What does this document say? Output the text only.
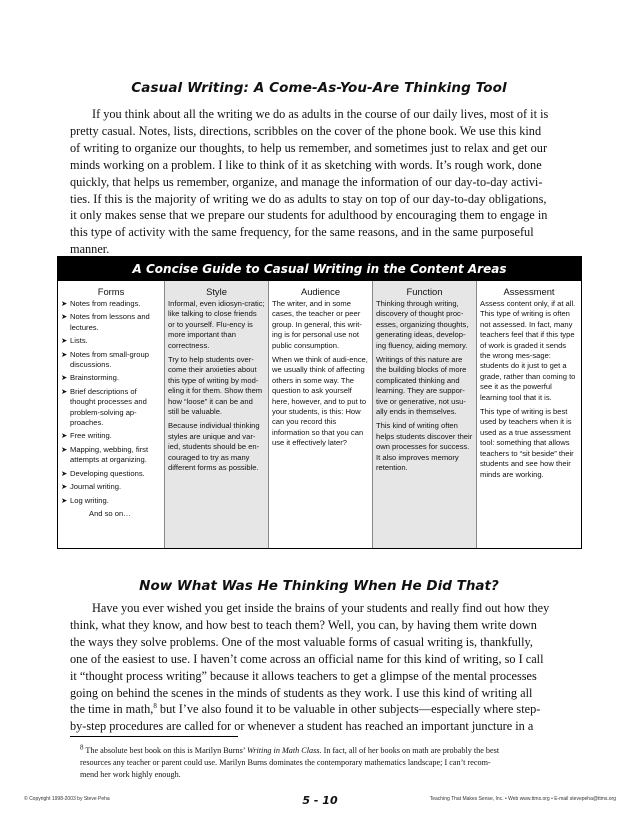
Casual Writing: A Come-As-You-Are Thinking Tool
If you think about all the writing we do as adults in the course of our daily lives, most of it is
pretty casual. Notes, lists, directions, scribbles on the cover of the phone book. We use this kind
of writing to organize our thoughts, to help us remember, and sometimes just to relax and get our
minds working on a problem. I like to think of it as sketching with words. It’s rough work, done
quickly, that helps us remember, organize, and manage the information of our day-to-day activi-
ties. If this is the majority of writing we do as adults to stay on top of our day-to-day obligations,
it only makes sense that we prepare our students for adulthood by encouraging them to engage in
this type of activity with the same frequency, for the same reasons, and in the same purposeful
manner.
A Concise Guide to Casual Writing in the Content Areas
Forms
➤ Notes from readings.
➤ Notes from lessons and lectures.
➤ Lists.
➤ Notes from small-group discussions.
➤ Brainstorming.
➤ Brief descriptions of thought processes and problem-solving ap-proaches.
➤ Free writing.
➤ Mapping, webbing, first attempts at organizing.
➤ Developing questions.
➤ Journal writing.
➤ Log writing.
And so on…
Style

Informal, even idiosyn-cratic; like talking to close friends or to yourself. Flu-ency is more important than correctness.

Try to help students over-come their anxieties about this type of writing by mod-eling it for them. Show them how “loose” it can be and still be valuable.

Because individual thinking styles are unique and var-ied, students should be en-couraged to try as many different forms as possible.

Audience

The writer, and in some cases, the teacher or peer group. In general, this writ-ing is for personal use not public consumption.

When we think of audi-ence, we usually think of affecting others in some way. The question to ask yourself here, however, and to put to your students, is this: How can you record this information so that you can use it effectively later?

Function

Thinking through writing, discovery of thought proc-esses, organizing thoughts, generating ideas, develop-ing fluency, aiding memory.

Writings of this nature are the building blocks of more complicated thinking and learning. They are suppor-tive or generative, not usu-ally ends in themselves.

This kind of writing often helps students discover their own processes for success. It also improves memory retention.

Assessment

Assess content only, if at all. This type of writing is often not assessed. In fact, many teachers feel that if this type of work is graded it sends the wrong mes-sage: students do it just to get a grade, rather than coming to see it as the powerful learning tool that it is.

This type of writing is best used by teachers when it is used as a true assessment tool: something that allows teachers to “sit beside” their students and see how their minds are working.

Now What Was He Thinking When He Did That?
Have you ever wished you get inside the brains of your students and really find out how they
think, what they know, and how best to teach them? Well, you can, by having them write down
the ways they solve problems. One of the most valuable forms of casual writing is, thankfully,
one of the easiest to use. I haven’t come across an official name for this kind of writing, so I call
it “thought process writing” because it allows teachers to get a glimpse of the mental processes
going on behind the scenes in the minds of students as they work. I use this kind of writing all
the time in math,$^8$ but I’ve also found it to be valuable in other subjects—especially where step-
by-step procedures are called for or whenever a student has reached an important juncture in a
$^8$ The absolute best book on this is Marilyn Burns’ Writing in Math Class. In fact, all of her books on math are probably the best
resources any teacher or parent could use. Marilyn Burns dominates the contemporary mathematics landscape; I can’t recom-
mend her work highly enough.
© Copyright 1998-2003 by Steve Peha	5 - 10	Teaching That Makes Sense, Inc. • Web www.ttms.org • E-mail stevepeha@ttms.org
